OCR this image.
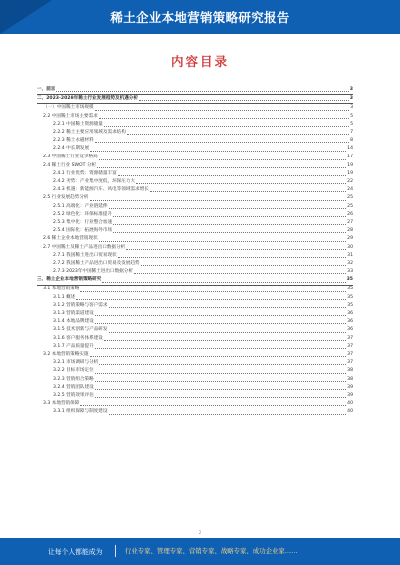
稀土企业本地营销策略研究报告
内容目录
一、前言	3
二、2023-2028年稀土行业发展趋势及机遇分析	3
（一）中国稀土市场规模	3
2.2 中国稀土市场主要需求	5
2.2.1 中国稀土资源储量	5
2.2.2 稀土主要应用领域及需求结构	7
2.2.3 稀土永磁材料	8
2.2.4 中长期发展	14
2.3 中国稀土行业竞争格局	17
2.4 稀土行业 SWOT 分析	19
2.4.1 行业优势：资源储量丰富	19
2.4.2 劣势：产业集中度低，环保压力大	22
2.4.3 机遇：新能源汽车、风电等领域需求增长	24
2.5 行业发展趋势分析	25
2.5.1 高端化：产业链延伸	25
2.5.2 绿色化：环保标准提升	26
2.5.3 集中化：行业整合加速	27
2.5.4 国际化：拓展海外市场	28
2.6 稀土企业本地营销现状	29
2.7 中国稀土及稀土产品进出口数据分析	30
2.7.1 我国稀土进出口贸易现状	31
2.7.2 我国稀土产品进出口贸易及发展趋势	32
2.7.3 2023年中国稀土进出口数据分析	33
三、稀土企业本地营销策略研究	35
3.1 本地营销策略	35
3.1.1 概述	35
3.1.2 营销策略与客户需求	35
3.1.3 营销渠道建设	36
3.1.4 本地品牌建设	36
3.1.5 技术创新与产品研发	36
3.1.6 客户服务体系建设	37
3.1.7 产品质量提升	37
3.2 本地营销策略实施	37
3.2.1 市场调研与分析	37
3.2.2 目标市场定位	38
3.2.3 营销组合策略	38
3.2.4 营销团队建设	39
3.2.5 营销效果评估	39
3.3 本地营销保障	40
3.3.1 组织保障与制度建设	40
2
让每个人都能成为	行业专家、管理专家、营销专家、战略专家、成功企业家……
